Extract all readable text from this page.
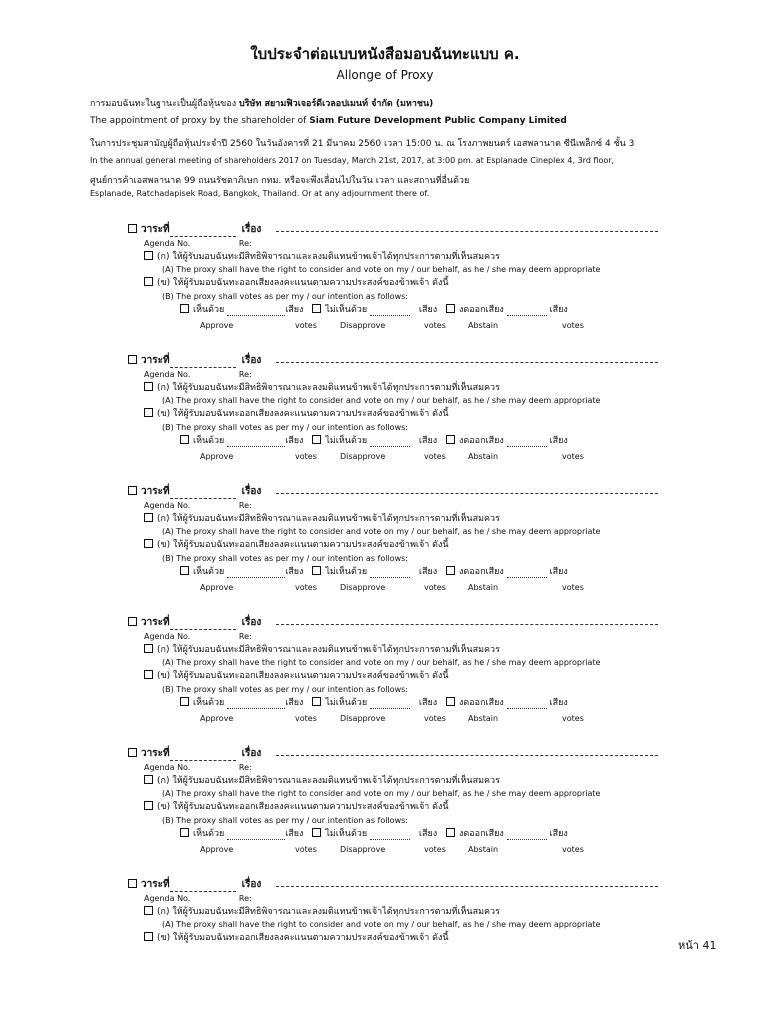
ใบประจำต่อแบบหนังสือมอบฉันทะแบบ ค.
Allonge of Proxy
การมอบฉันทะในฐานะเป็นผู้ถือหุ้นของ บริษัท สยามฟิวเจอร์ดีเวลอปเมนท์ จำกัด (มหาชน)
The appointment of proxy by the shareholder of Siam Future Development Public Company Limited
ในการประชุมสามัญผู้ถือหุ้นประจำปี 2560 ในวันอังคารที่ 21 มีนาคม 2560 เวลา 15:00 น. ณ โรงภาพยนตร์ เอสพลานาด ซีนีเพล็กซ์ 4 ชั้น 3
In the annual general meeting of shareholders 2017 on Tuesday, March 21st, 2017, at 3:00 pm. at Esplanade Cineplex 4, 3rd floor,
ศูนย์การค้าเอสพลานาด 99 ถนนรัชดาภิเษก กทม. หรือจะพึงเลื่อนไปในวัน เวลา และสถานที่อื่นด้วย
Esplanade, Ratchadapisek Road, Bangkok, Thailand. Or at any adjournment there of.
วาระที่	เรื่อง
Agenda No.	Re:
(ก) ให้ผู้รับมอบฉันทะมีสิทธิพิจารณาและลงมติแทนข้าพเจ้าได้ทุกประการตามที่เห็นสมควร
(A) The proxy shall have the right to consider and vote on my / our behalf, as he / she may deem appropriate
(ข) ให้ผู้รับมอบฉันทะออกเสียงลงคะแนนตามความประสงค์ของข้าพเจ้า ดังนี้
(B) The proxy shall votes as per my / our intention as follows:
เห็นด้วย	เสียง ไม่เห็นด้วย	เสียง งดออกเสียง	เสียง
Approve	votes	Disapprove	votes	Abstain	votes
วาระที่	เรื่อง
Agenda No.	Re:
(ก) ให้ผู้รับมอบฉันทะมีสิทธิพิจารณาและลงมติแทนข้าพเจ้าได้ทุกประการตามที่เห็นสมควร
(A) The proxy shall have the right to consider and vote on my / our behalf, as he / she may deem appropriate
(ข) ให้ผู้รับมอบฉันทะออกเสียงลงคะแนนตามความประสงค์ของข้าพเจ้า ดังนี้
(B) The proxy shall votes as per my / our intention as follows:
เห็นด้วย	เสียง ไม่เห็นด้วย	เสียง งดออกเสียง	เสียง
Approve	votes	Disapprove	votes	Abstain	votes
วาระที่	เรื่อง
Agenda No.	Re:
(ก) ให้ผู้รับมอบฉันทะมีสิทธิพิจารณาและลงมติแทนข้าพเจ้าได้ทุกประการตามที่เห็นสมควร
(A) The proxy shall have the right to consider and vote on my / our behalf, as he / she may deem appropriate
(ข) ให้ผู้รับมอบฉันทะออกเสียงลงคะแนนตามความประสงค์ของข้าพเจ้า ดังนี้
(B) The proxy shall votes as per my / our intention as follows:
เห็นด้วย	เสียง ไม่เห็นด้วย	เสียง งดออกเสียง	เสียง
Approve	votes	Disapprove	votes	Abstain	votes
วาระที่	เรื่อง
Agenda No.	Re:
(ก) ให้ผู้รับมอบฉันทะมีสิทธิพิจารณาและลงมติแทนข้าพเจ้าได้ทุกประการตามที่เห็นสมควร
(A) The proxy shall have the right to consider and vote on my / our behalf, as he / she may deem appropriate
(ข) ให้ผู้รับมอบฉันทะออกเสียงลงคะแนนตามความประสงค์ของข้าพเจ้า ดังนี้
(B) The proxy shall votes as per my / our intention as follows:
เห็นด้วย	เสียง ไม่เห็นด้วย	เสียง งดออกเสียง	เสียง
Approve	votes	Disapprove	votes	Abstain	votes
วาระที่	เรื่อง
Agenda No.	Re:
(ก) ให้ผู้รับมอบฉันทะมีสิทธิพิจารณาและลงมติแทนข้าพเจ้าได้ทุกประการตามที่เห็นสมควร
(A) The proxy shall have the right to consider and vote on my / our behalf, as he / she may deem appropriate
(ข) ให้ผู้รับมอบฉันทะออกเสียงลงคะแนนตามความประสงค์ของข้าพเจ้า ดังนี้
(B) The proxy shall votes as per my / our intention as follows:
เห็นด้วย	เสียง ไม่เห็นด้วย	เสียง งดออกเสียง	เสียง
Approve	votes	Disapprove	votes	Abstain	votes
วาระที่	เรื่อง
Agenda No.	Re:
(ก) ให้ผู้รับมอบฉันทะมีสิทธิพิจารณาและลงมติแทนข้าพเจ้าได้ทุกประการตามที่เห็นสมควร
(A) The proxy shall have the right to consider and vote on my / our behalf, as he / she may deem appropriate
(ข) ให้ผู้รับมอบฉันทะออกเสียงลงคะแนนตามความประสงค์ของข้าพเจ้า ดังนี้
หน้า 41
